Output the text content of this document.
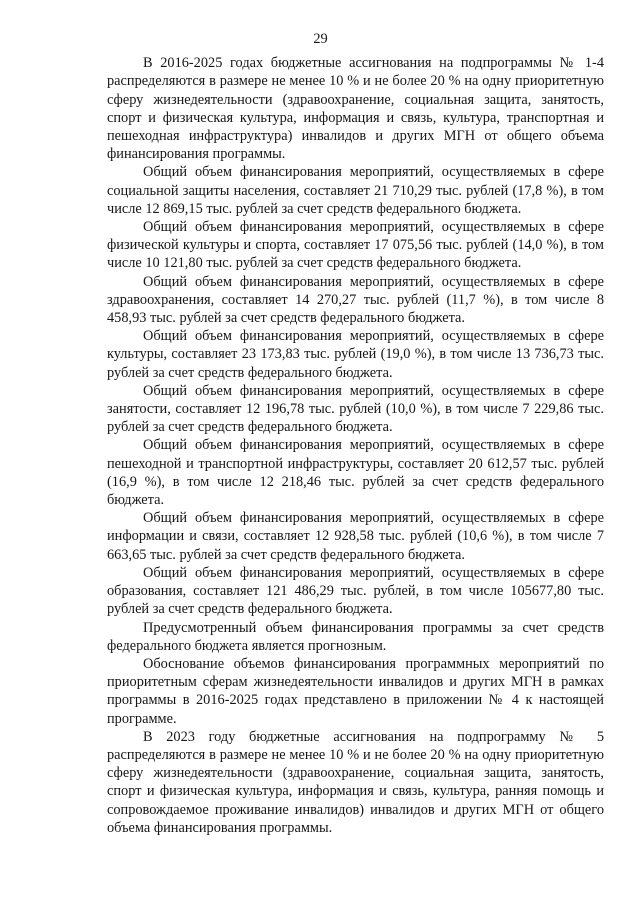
29

В 2016-2025 годах бюджетные ассигнования на подпрограммы № 1-4 распределяются в размере не менее 10 % и не более 20 % на одну приоритетную сферу жизнедеятельности (здравоохранение, социальная защита, занятость, спорт и физическая культура, информация и связь, культура, транспортная и пешеходная инфраструктура) инвалидов и других МГН от общего объема финансирования программы.

Общий объем финансирования мероприятий, осуществляемых в сфере социальной защиты населения, составляет 21 710,29 тыс. рублей (17,8 %), в том числе 12 869,15 тыс. рублей за счет средств федерального бюджета.

Общий объем финансирования мероприятий, осуществляемых в сфере физической культуры и спорта, составляет 17 075,56 тыс. рублей (14,0 %), в том числе 10 121,80 тыс. рублей за счет средств федерального бюджета.

Общий объем финансирования мероприятий, осуществляемых в сфере здравоохранения, составляет 14 270,27 тыс. рублей (11,7 %), в том числе 8 458,93 тыс. рублей за счет средств федерального бюджета.

Общий объем финансирования мероприятий, осуществляемых в сфере культуры, составляет 23 173,83 тыс. рублей (19,0 %), в том числе 13 736,73 тыс. рублей за счет средств федерального бюджета.

Общий объем финансирования мероприятий, осуществляемых в сфере занятости, составляет 12 196,78 тыс. рублей (10,0 %), в том числе 7 229,86 тыс. рублей за счет средств федерального бюджета.

Общий объем финансирования мероприятий, осуществляемых в сфере пешеходной и транспортной инфраструктуры, составляет 20 612,57 тыс. рублей (16,9 %), в том числе 12 218,46 тыс. рублей за счет средств федерального бюджета.

Общий объем финансирования мероприятий, осуществляемых в сфере информации и связи, составляет 12 928,58 тыс. рублей (10,6 %), в том числе 7 663,65 тыс. рублей за счет средств федерального бюджета.

Общий объем финансирования мероприятий, осуществляемых в сфере образования, составляет 121 486,29 тыс. рублей, в том числе 105677,80 тыс. рублей за счет средств федерального бюджета.

Предусмотренный объем финансирования программы за счет средств федерального бюджета является прогнозным.

Обоснование объемов финансирования программных мероприятий по приоритетным сферам жизнедеятельности инвалидов и других МГН в рамках программы в 2016-2025 годах представлено в приложении № 4 к настоящей программе.

В 2023 году бюджетные ассигнования на подпрограмму № 5 распределяются в размере не менее 10 % и не более 20 % на одну приоритетную сферу жизнедеятельности (здравоохранение, социальная защита, занятость, спорт и физическая культура, информация и связь, культура, ранняя помощь и сопровождаемое проживание инвалидов) инвалидов и других МГН от общего объема финансирования программы.
